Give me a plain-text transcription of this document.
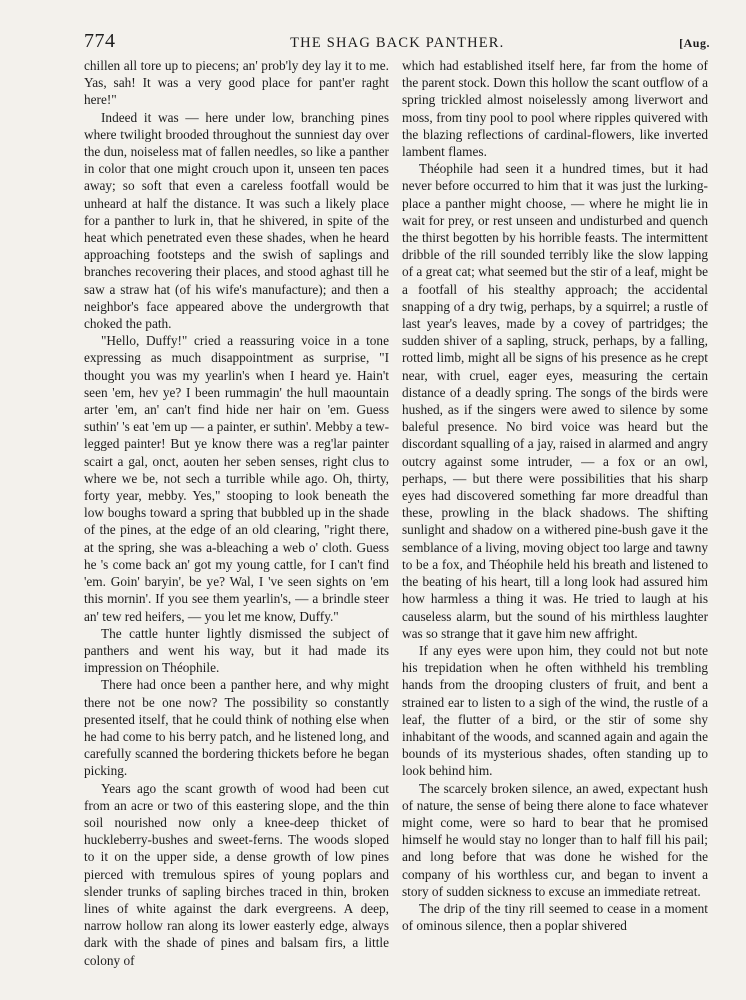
774	THE SHAG BACK PANTHER.	[Aug.

chillen all tore up to piecens; an' prob'ly dey lay it to me. Yas, sah! It was a very good place for pant'er raght here!"

Indeed it was — here under low, branching pines where twilight brooded throughout the sunniest day over the dun, noiseless mat of fallen needles, so like a panther in color that one might crouch upon it, unseen ten paces away; so soft that even a careless footfall would be unheard at half the distance. It was such a likely place for a panther to lurk in, that he shivered, in spite of the heat which penetrated even these shades, when he heard approaching footsteps and the swish of saplings and branches recovering their places, and stood aghast till he saw a straw hat (of his wife's manufacture); and then a neighbor's face appeared above the undergrowth that choked the path.

"Hello, Duffy!" cried a reassuring voice in a tone expressing as much disappointment as surprise, "I thought you was my yearlin's when I heard ye. Hain't seen 'em, hev ye? I been rummagin' the hull maountain arter 'em, an' can't find hide ner hair on 'em. Guess suthin' 's eat 'em up — a painter, er suthin'. Mebby a tew-legged painter! But ye know there was a reg'lar painter scairt a gal, onct, aouten her seben senses, right clus to where we be, not sech a turrible while ago. Oh, thirty, forty year, mebby. Yes," stooping to look beneath the low boughs toward a spring that bubbled up in the shade of the pines, at the edge of an old clearing, "right there, at the spring, she was a-bleaching a web o' cloth. Guess he 's come back an' got my young cattle, for I can't find 'em. Goin' baryin', be ye? Wal, I 've seen sights on 'em this mornin'. If you see them yearlin's, — a brindle steer an' tew red heifers, — you let me know, Duffy."

The cattle hunter lightly dismissed the subject of panthers and went his way, but it had made its impression on Théophile.

There had once been a panther here, and why might there not be one now? The possibility so constantly presented itself, that he could think of nothing else when he had come to his berry patch, and he listened long, and carefully scanned the bordering thickets before he began picking.

Years ago the scant growth of wood had been cut from an acre or two of this eastering slope, and the thin soil nourished now only a knee-deep thicket of huckleberry-bushes and sweet-ferns. The woods sloped to it on the upper side, a dense growth of low pines pierced with tremulous spires of young poplars and slender trunks of sapling birches traced in thin, broken lines of white against the dark evergreens. A deep, narrow hollow ran along its lower easterly edge, always dark with the shade of pines and balsam firs, a little colony of

which had established itself here, far from the home of the parent stock. Down this hollow the scant outflow of a spring trickled almost noiselessly among liverwort and moss, from tiny pool to pool where ripples quivered with the blazing reflections of cardinal-flowers, like inverted lambent flames.

Théophile had seen it a hundred times, but it had never before occurred to him that it was just the lurking-place a panther might choose, — where he might lie in wait for prey, or rest unseen and undisturbed and quench the thirst begotten by his horrible feasts. The intermittent dribble of the rill sounded terribly like the slow lapping of a great cat; what seemed but the stir of a leaf, might be a footfall of his stealthy approach; the accidental snapping of a dry twig, perhaps, by a squirrel; a rustle of last year's leaves, made by a covey of partridges; the sudden shiver of a sapling, struck, perhaps, by a falling, rotted limb, might all be signs of his presence as he crept near, with cruel, eager eyes, measuring the certain distance of a deadly spring. The songs of the birds were hushed, as if the singers were awed to silence by some baleful presence. No bird voice was heard but the discordant squalling of a jay, raised in alarmed and angry outcry against some intruder, — a fox or an owl, perhaps, — but there were possibilities that his sharp eyes had discovered something far more dreadful than these, prowling in the black shadows. The shifting sunlight and shadow on a withered pine-bush gave it the semblance of a living, moving object too large and tawny to be a fox, and Théophile held his breath and listened to the beating of his heart, till a long look had assured him how harmless a thing it was. He tried to laugh at his causeless alarm, but the sound of his mirthless laughter was so strange that it gave him new affright.

If any eyes were upon him, they could not but note his trepidation when he often withheld his trembling hands from the drooping clusters of fruit, and bent a strained ear to listen to a sigh of the wind, the rustle of a leaf, the flutter of a bird, or the stir of some shy inhabitant of the woods, and scanned again and again the bounds of its mysterious shades, often standing up to look behind him.

The scarcely broken silence, an awed, expectant hush of nature, the sense of being there alone to face whatever might come, were so hard to bear that he promised himself he would stay no longer than to half fill his pail; and long before that was done he wished for the company of his worthless cur, and began to invent a story of sudden sickness to excuse an immediate retreat.

The drip of the tiny rill seemed to cease in a moment of ominous silence, then a poplar shivered
